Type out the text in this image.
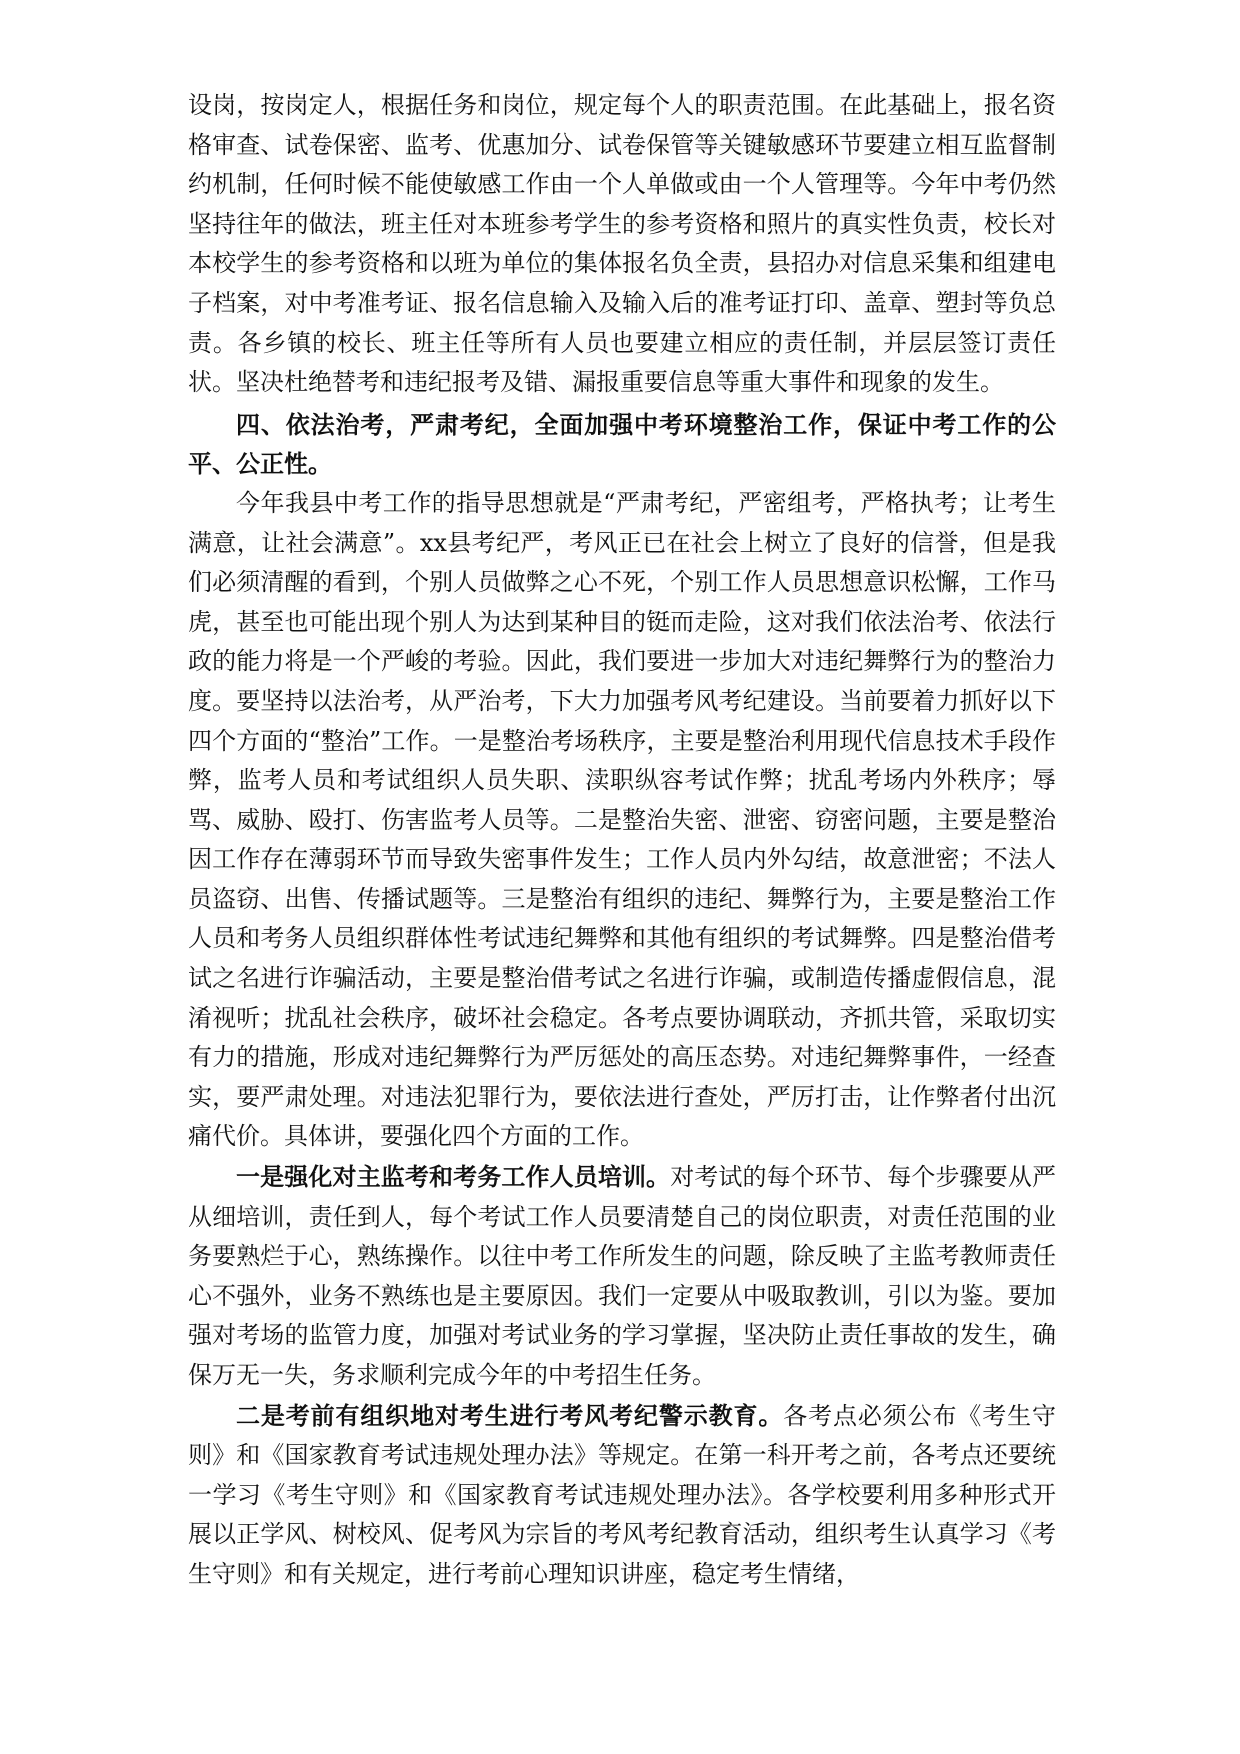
设岗，按岗定人，根据任务和岗位，规定每个人的职责范围。在此基础上，报名资格审查、试卷保密、监考、优惠加分、试卷保管等关键敏感环节要建立相互监督制约机制，任何时候不能使敏感工作由一个人单做或由一个人管理等。今年中考仍然坚持往年的做法，班主任对本班参考学生的参考资格和照片的真实性负责，校长对本校学生的参考资格和以班为单位的集体报名负全责，县招办对信息采集和组建电子档案，对中考准考证、报名信息输入及输入后的准考证打印、盖章、塑封等负总责。各乡镇的校长、班主任等所有人员也要建立相应的责任制，并层层签订责任状。坚决杜绝替考和违纪报考及错、漏报重要信息等重大事件和现象的发生。

四、依法治考，严肃考纪，全面加强中考环境整治工作，保证中考工作的公平、公正性。

今年我县中考工作的指导思想就是“严肃考纪，严密组考，严格执考；让考生满意，让社会满意”。xx县考纪严，考风正已在社会上树立了良好的信誉，但是我们必须清醒的看到，个别人员做弊之心不死，个别工作人员思想意识松懈，工作马虎，甚至也可能出现个别人为达到某种目的铤而走险，这对我们依法治考、依法行政的能力将是一个严峻的考验。因此，我们要进一步加大对违纪舞弊行为的整治力度。要坚持以法治考，从严治考，下大力加强考风考纪建设。当前要着力抓好以下四个方面的“整治”工作。一是整治考场秩序，主要是整治利用现代信息技术手段作弊，监考人员和考试组织人员失职、渎职纵容考试作弊；扰乱考场内外秩序；辱骂、威胁、殴打、伤害监考人员等。二是整治失密、泄密、窃密问题，主要是整治因工作存在薄弱环节而导致失密事件发生；工作人员内外勾结，故意泄密；不法人员盗窃、出售、传播试题等。三是整治有组织的违纪、舞弊行为，主要是整治工作人员和考务人员组织群体性考试违纪舞弊和其他有组织的考试舞弊。四是整治借考试之名进行诈骗活动，主要是整治借考试之名进行诈骗，或制造传播虚假信息，混淆视听；扰乱社会秩序，破坏社会稳定。各考点要协调联动，齐抓共管，采取切实有力的措施，形成对违纪舞弊行为严厉惩处的高压态势。对违纪舞弊事件，一经查实，要严肃处理。对违法犯罪行为，要依法进行查处，严厉打击，让作弊者付出沉痛代价。具体讲，要强化四个方面的工作。

一是强化对主监考和考务工作人员培训。对考试的每个环节、每个步骤要从严从细培训，责任到人，每个考试工作人员要清楚自己的岗位职责，对责任范围的业务要熟烂于心，熟练操作。以往中考工作所发生的问题，除反映了主监考教师责任心不强外，业务不熟练也是主要原因。我们一定要从中吸取教训，引以为鉴。要加强对考场的监管力度，加强对考试业务的学习掌握，坚决防止责任事故的发生，确保万无一失，务求顺利完成今年的中考招生任务。

二是考前有组织地对考生进行考风考纪警示教育。各考点必须公布《考生守则》和《国家教育考试违规处理办法》等规定。在第一科开考之前，各考点还要统一学习《考生守则》和《国家教育考试违规处理办法》。各学校要利用多种形式开展以正学风、树校风、促考风为宗旨的考风考纪教育活动，组织考生认真学习《考生守则》和有关规定，进行考前心理知识讲座，稳定考生情绪，
